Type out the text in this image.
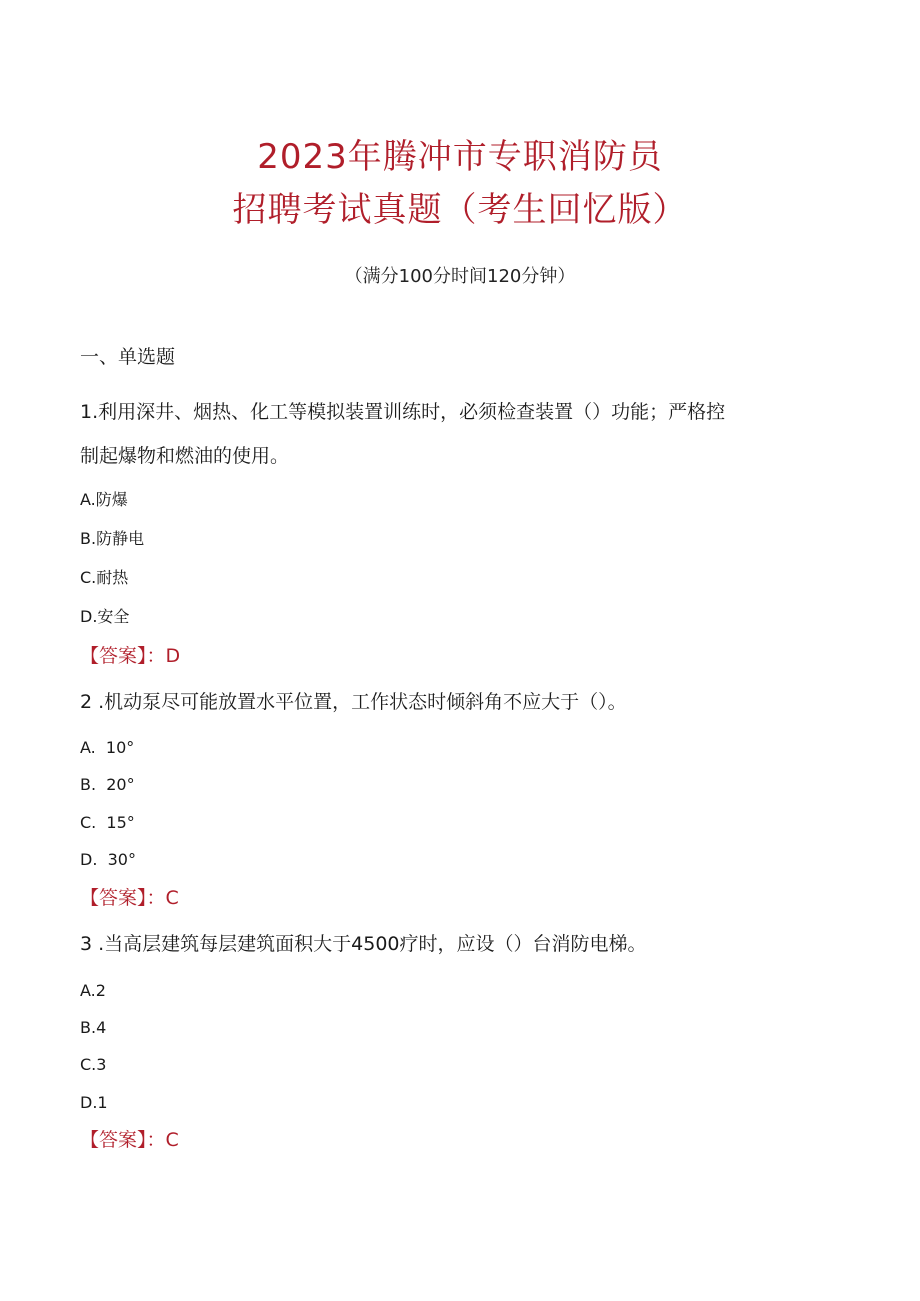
2023年腾冲市专职消防员
招聘考试真题（考生回忆版）
（满分100分时间120分钟）
一、单选题
1.利用深井、烟热、化工等模拟装置训练时，必须检查装置（）功能；严格控
制起爆物和燃油的使用。
A.防爆
B.防静电
C.耐热
D.安全
【答案】：D
2 .机动泵尽可能放置水平位置，工作状态时倾斜角不应大于（）。
A.  10°
B.  20°
C.  15°
D.  30°
【答案】：C
3 .当高层建筑每层建筑面积大于4500疗时，应设（）台消防电梯。
A.2
B.4
C.3
D.1
【答案】：C
